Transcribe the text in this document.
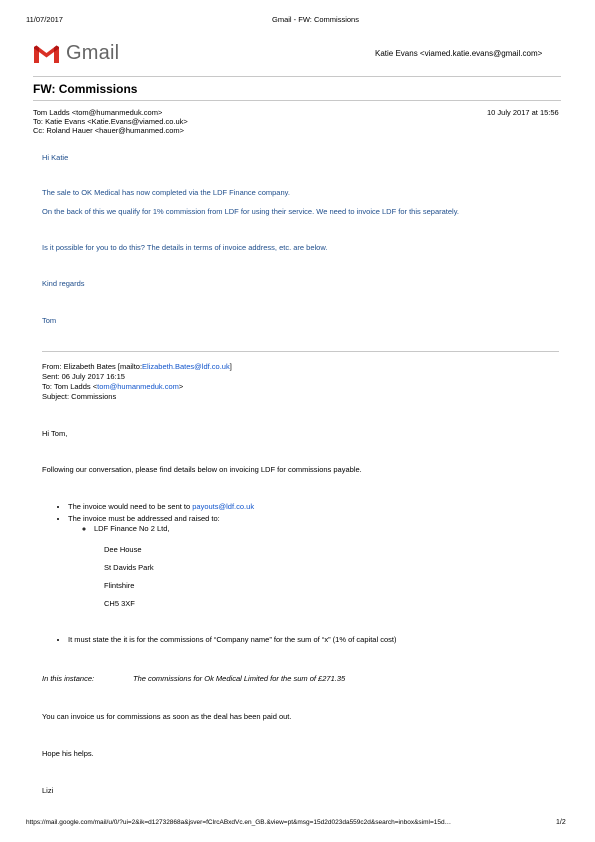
11/07/2017	Gmail - FW: Commissions
Gmail	Katie Evans <viamed.katie.evans@gmail.com>
FW: Commissions
Tom Ladds <tom@humanmeduk.com>	10 July 2017 at 15:56
To: Katie Evans <Katie.Evans@viamed.co.uk>
Cc: Roland Hauer <hauer@humanmed.com>
Hi Katie
The sale to OK Medical has now completed via the LDF Finance company.
On the back of this we qualify for 1% commission from LDF for using their service. We need to invoice LDF for this separately.
Is it possible for you to do this? The details in terms of invoice address, etc. are below.
Kind regards
Tom
From: Elizabeth Bates [mailto:Elizabeth.Bates@ldf.co.uk]
Sent: 06 July 2017 16:15
To: Tom Ladds <tom@humanmeduk.com>
Subject: Commissions
Hi Tom,
Following our conversation, please find details below on invoicing LDF for commissions payable.
• The invoice would need to be sent to payouts@ldf.co.uk
• The invoice must be addressed and raised to:
◦ LDF Finance No 2 Ltd,
Dee House
St Davids Park
Flintshire
CH5 3XF
• It must state the it is for the commissions of “Company name” for the sum of “x” (1% of capital cost)
In this instance:	The commissions for Ok Medical Limited for the sum of £271.35
You can invoice us for commissions as soon as the deal has been paid out.
Hope his helps.
Lizi
https://mail.google.com/mail/u/0/?ui=2&ik=d12732868a&jsver=fClrcABxdVc.en_GB.&view=pt&msg=15d2d023da559c2d&search=inbox&siml=15d…	1/2
